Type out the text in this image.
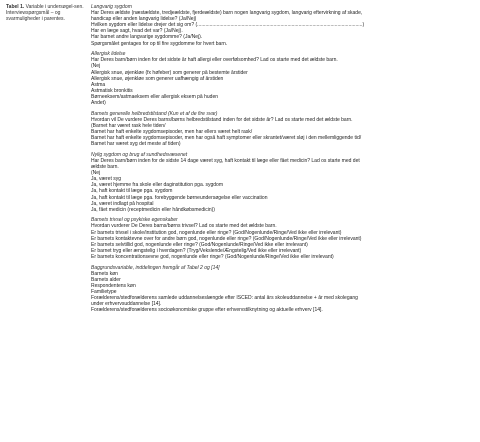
Tabel 1. Variable i undersøgel-sen. Interviewspørgsmål – og svarmuligheder i parentes.
Langvarig sygdom
Har Deres ældste (næstældste, tredjeældste, fjerdeældste) barn nogen langvarig sygdom, langvarig eftervirkning af skade,
handicap eller anden langvarig lidelse? (Ja/Nej)
Hvilken sygdom eller lidelse drejer det sig om? (.......................................................................................................................)
Har en læge sagt, hvad det var? (Ja/Nej).
Har barnet andre langvarige sygdomme? (Ja/Nej).
Spørgsmålet gentages for op til fire sygdomme for hvert barn.
Allergisk lidelse
Har Deres barn/børn inden for det sidste år haft allergi eller overfølsomhed? Lad os starte med det ældste barn.
(Nej
Allergisk snue, øjenkløe (fx høfeber) som generer på bestemte årstider
Allergisk snue, øjenkløe som generer uafhængig af årstiden
Astma
Astmatisk bronkitis
Børneeksem/astmaeksem eller allergisk eksem på huden
Andet)
Barnets generelle helbredstilstand (Kun et af de fire svar)
Hvordan vil De vurdere Deres barns/børns helbredstilstand inden for det sidste år? Lad os starte med det ældste barn.
(Barnet har været rask hele tiden/
Barnet har haft enkelte sygdomsepisoder, men har ellers været helt rask/
Barnet har haft enkelte sygdomsepisoder, men har også haft symptomer eller skrantet/været sløj i den mellemliggende tid/
Barnet har været syg det meste af tiden)
Nylig sygdom og brug af sundhedsvæsenet
Har Deres barn/børn inden for de sidste 14 dage været syg, haft kontakt til læge eller fået medicin? Lad os starte med det
ældste barn.
(Nej
Ja, været syg
Ja, været hjemme fra skole eller daginstitution pga. sygdom
Ja, haft kontakt til læge pga. sygdom
Ja, haft kontakt til læge pga. forebyggende børneundersøgelse eller vaccination
Ja, været indlagt på hospital
Ja, fået medicin (receptmedicin eller håndkøbsmedicin))
Barnets trivsel og psykiske egenskaber
Hvordan vurderer De Deres barns/børns trivsel? Lad os starte med det ældste barn.
Er barnets trivsel i skole/institution god, nogenlunde eller ringe? (God/Nogenlunde/Ringe/Ved ikke eller irrelevant)
Er barnets kontaktevne over for andre børn god, nogenlunde eller ringe? (God/Nogenlunde/Ringe/Ved ikke eller irrelevant)
Er barnets selvtillid god, nogenlunde eller ringe? (God/Nogenlunde/Ringe/Ved ikke eller irrelevant)
Er barnet tryg eller ængstelig i hverdagen? (Tryg/Vekslende/Ængstelig/Ved ikke eller irrelevant)
Er barnets koncentrationsevne god, nogenlunde eller ringe? (God/Nogenlunde/Ringe/Ved ikke eller irrelevant)
Baggrundsvariable, inddelingen fremgår af Tabel 2 og [14]
Barnets køn
Barnets alder
Respondentens køn
Familietype
Forælderens/stedforælderens samlede uddannelseslængde efter ISCED: antal års skoleuddannelse + år med skolegang
under erhvervsuddannelse [14].
Forælderens/stedforælderens socioøkonomiske gruppe efter erhvervstilknytning og aktuelle erhverv [14].
